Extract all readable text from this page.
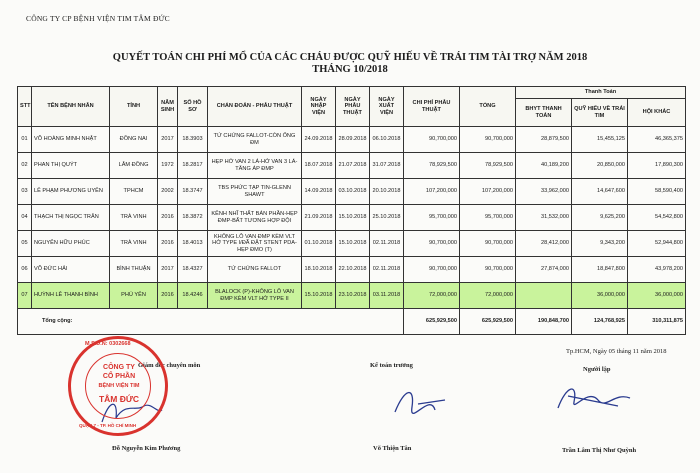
CÔNG TY CP BỆNH VIỆN TIM TÂM ĐỨC
QUYẾT TOÁN CHI PHÍ MỔ CỦA CÁC CHÁU ĐƯỢC QUỸ HIẾU VỀ TRÁI TIM TÀI TRỢ NĂM 2018
THÁNG 10/2018
STT	TÊN BỆNH NHÂN	TỈNH	NĂM SINH	SỐ HỒ SƠ	CHẨN ĐOÁN - PHẪU THUẬT	NGÀY NHẬP VIỆN	NGÀY PHẪU THUẬT	NGÀY XUẤT VIỆN	CHI PHÍ PHẪU THUẬT	TỔNG	Thanh Toán		
											BHYT THANH TOÁN	QUỸ HIẾU VỀ TRÁI TIM	HỘI KHÁC
01	VÕ HOÀNG MINH NHẬT	ĐỒNG NAI	2017	18.3903	TỨ CHỨNG FALLOT-CÒN ỐNG ĐM	24.09.2018	28.09.2018	06.10.2018	90,700,000	90,700,000	28,879,500	15,455,125	46,365,375
02	PHAN THỊ QUÝT	LÂM ĐỒNG	1972	18.2817	HẸP HỞ VAN 2 LÁ-HỞ VAN 3 LÁ-TĂNG ÁP ĐMP	18.07.2018	21.07.2018	31.07.2018	78,929,500	78,929,500	40,189,200	20,850,000	17,890,300
03	LÊ PHẠM PHƯƠNG UYÊN	TPHCM	2002	18.3747	TBS PHỨC TẠP TIN-GLENN SHAWT	14.09.2018	03.10.2018	20.10.2018	107,200,000	107,200,000	33,962,000	14,647,600	58,590,400
04	THẠCH THỊ NGỌC TRÂN	TRÀ VINH	2016	18.3872	KÊNH NHĨ THẤT BÁN PHẦN-HẸP ĐMP-BẤT TƯƠNG HỢP ĐỘI	21.09.2018	15.10.2018	25.10.2018	95,700,000	95,700,000	31,532,000	9,625,200	54,542,800
05	NGUYỄN HỮU PHÚC	TRÀ VINH	2016	18.4013	KHÔNG LỖ VAN ĐMP KÈM VLT HỞ TYPE I/ĐÃ ĐẶT STENT PDA-HẸP ĐMO (T)	01.10.2018	15.10.2018	02.11.2018	90,700,000	90,700,000	28,412,000	9,343,200	52,944,800
06	VÕ ĐỨC HẢI	BÌNH THUẬN	2017	18.4327	TỨ CHỨNG FALLOT	18.10.2018	22.10.2018	02.11.2018	90,700,000	90,700,000	27,874,000	18,847,800	43,978,200
07	HUỲNH LÊ THANH BÌNH	PHÚ YÊN	2016	18.4246	BLALOCK (P)-KHÔNG LỖ VAN ĐMP KÈM VLT HỞ TYPE II	15.10.2018	23.10.2018	03.11.2018	72,000,000	72,000,000		36,000,000	36,000,000
Tổng cộng:									625,929,500	625,929,500	190,848,700	124,768,925	310,311,875
Tp.HCM, Ngày 05 tháng 11 năm 2018
Giám đốc chuyên môn	Kế toán trưởng
Người lập
Đỗ Nguyễn Kim Phương	Võ Thiện Tân	Trần Lâm Thị Như Quỳnh
M.S.D.N: 0302668
CÔNG TY
CỔ PHẦN
BỆNH VIỆN TIM
TÂM ĐỨC
QUẬN 7 - TP. HỒ CHÍ MINH
